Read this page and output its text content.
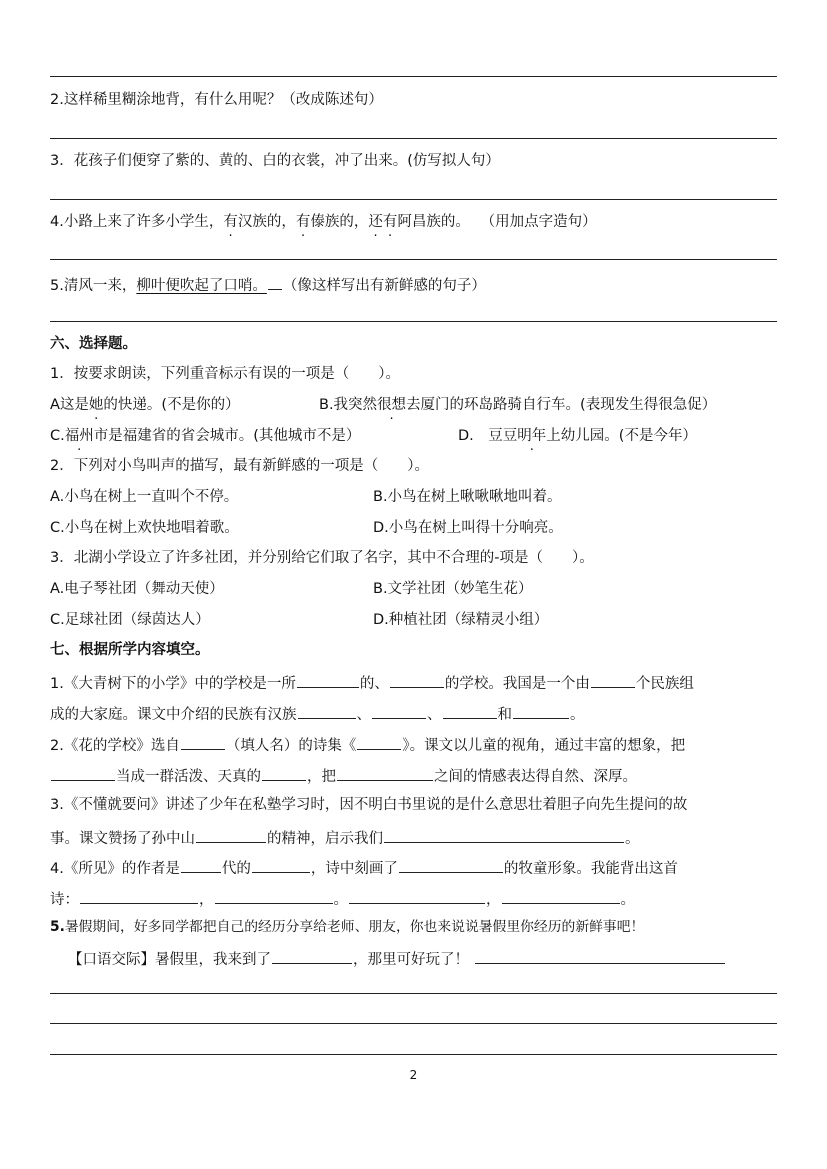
2.这样稀里糊涂地背，有什么用呢？（改成陈述句）
3．花孩子们便穿了紫的、黄的、白的衣裳，冲了出来。(仿写拟人句）
4.小路上来了许多小学生，有汉族的，有傣族的，还有阿昌族的。 （用加点字造句）
5.清风一来，柳叶便吹起了口哨。 （像这样写出有新鲜感的句子）
六、选择题。
1．按要求朗读，下列重音标示有误的一项是（　　）。
A这是她的快递。(不是你的）	B.我突然很想去厦门的环岛路骑自行车。(表现发生得很急促）
C.福州市是福建省的省会城市。(其他城市不是）	D.　豆豆明年上幼儿园。(不是今年）
2．下列对小鸟叫声的描写，最有新鲜感的一项是（　　）。
A.小鸟在树上一直叫个不停。	B.小鸟在树上啾啾啾地叫着。
C.小鸟在树上欢快地唱着歌。	D.小鸟在树上叫得十分响亮。
3．北湖小学设立了许多社团，并分别给它们取了名字，其中不合理的-项是（　　）。
A.电子琴社团（舞动天使）	B.文学社团（妙笔生花）
C.足球社团（绿茵达人）	D.种植社团（绿精灵小组）
七、根据所学内容填空。
1.《大青树下的小学》中的学校是一所	的、	的学校。我国是一个由	个民族组
成的大家庭。课文中介绍的民族有汉族	、	、	和	。
2.《花的学校》选自	（填人名）的诗集《	》。课文以儿童的视角，通过丰富的想象，把
当成一群活泼、天真的	，把	之间的情感表达得自然、深厚。
3.《不懂就要问》讲述了少年在私塾学习时，因不明白书里说的是什么意思壮着胆子向先生提问的故
事。课文赞扬了孙中山	的精神，启示我们	。
4.《所见》的作者是	代的	，诗中刻画了	的牧童形象。我能背出这首
诗：	，	。	，	。
5.暑假期间，好多同学都把自己的经历分享给老师、朋友，你也来说说暑假里你经历的新鲜事吧！
【口语交际】暑假里，我来到了	，那里可好玩了！
2
